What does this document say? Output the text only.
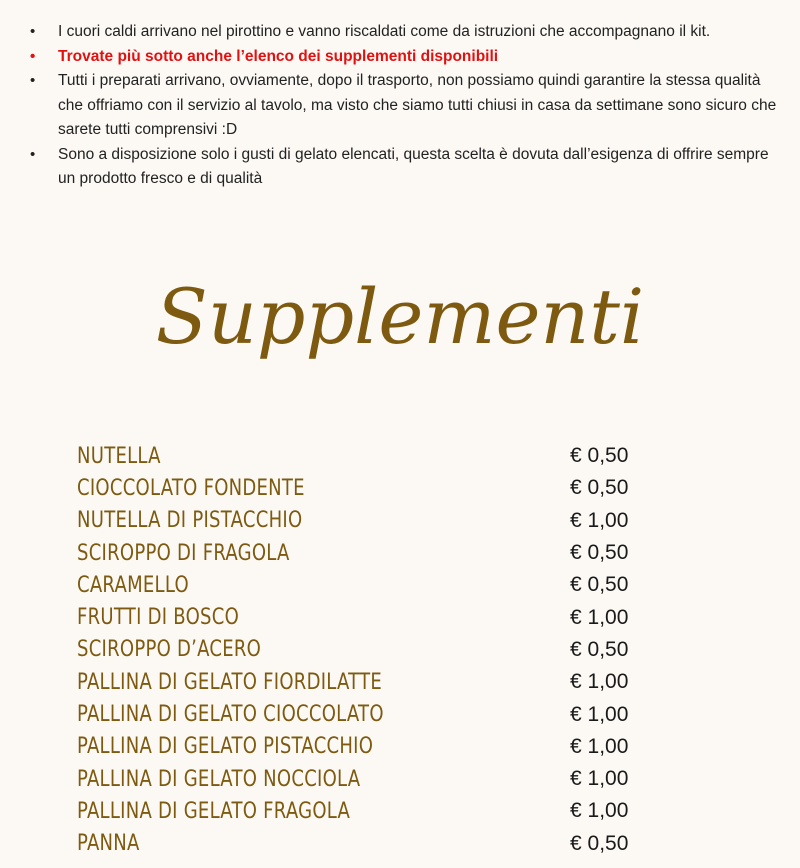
• I cuori caldi arrivano nel pirottino e vanno riscaldati come da istruzioni che accompagnano il kit.
• Trovate più sotto anche l’elenco dei supplementi disponibili
• Tutti i preparati arrivano, ovviamente, dopo il trasporto, non possiamo quindi garantire la stessa qualità che offriamo con il servizio al tavolo, ma visto che siamo tutti chiusi in casa da settimane sono sicuro che sarete tutti comprensivi :D
• Sono a disposizione solo i gusti di gelato elencati, questa scelta è dovuta dall’esigenza di offrire sempre un prodotto fresco e di qualità
Supplementi
NUTELLA	€ 0,50
CIOCCOLATO FONDENTE	€ 0,50
NUTELLA DI PISTACCHIO	€ 1,00
SCIROPPO DI FRAGOLA	€ 0,50
CARAMELLO	€ 0,50
FRUTTI DI BOSCO	€ 1,00
SCIROPPO D’ACERO	€ 0,50
PALLINA DI GELATO FIORDILATTE	€ 1,00
PALLINA DI GELATO CIOCCOLATO	€ 1,00
PALLINA DI GELATO PISTACCHIO	€ 1,00
PALLINA DI GELATO NOCCIOLA	€ 1,00
PALLINA DI GELATO FRAGOLA	€ 1,00
PANNA	€ 0,50
